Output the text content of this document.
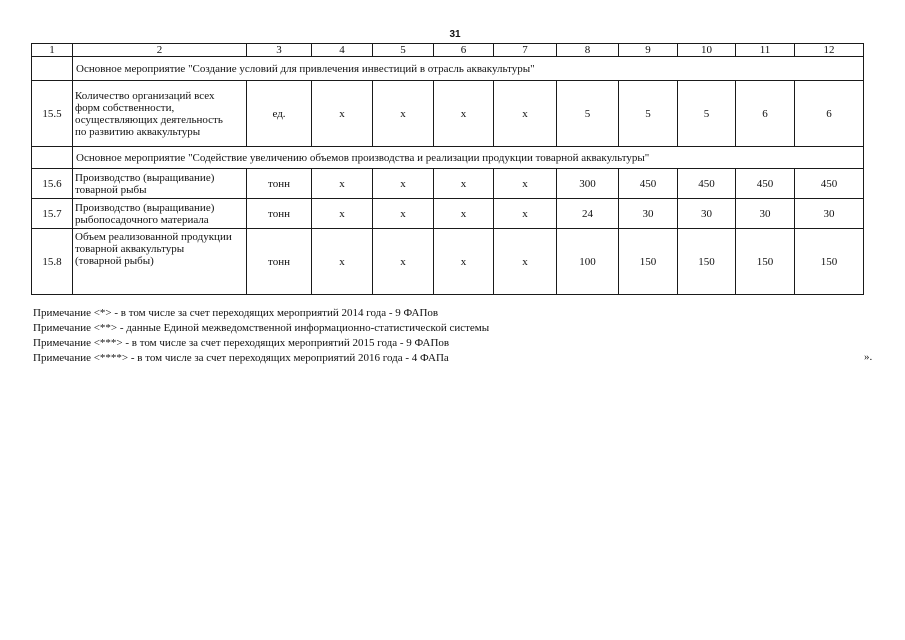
31
1	2	3	4	5	6	7	8	9	10	11	12
	Основное мероприятие "Создание условий для привлечения инвестиций в отрасль аквакультуры"										
15.5	Количество организаций всех
форм собственности,
осуществляющих деятельность
по развитию аквакультуры	ед.	x	x	x	x	5	5	5	6	6
	Основное мероприятие "Содействие увеличению объемов производства и реализации продукции товарной аквакультуры"										
15.6	Производство (выращивание)
товарной рыбы	тонн	x	x	x	x	300	450	450	450	450
15.7	Производство (выращивание)
рыбопосадочного материала	тонн	x	x	x	x	24	30	30	30	30
15.8	Объем реализованной продукции
товарной аквакультуры
(товарной рыбы)	тонн	x	x	x	x	100	150	150	150	150
Примечание <*> - в том числе за счет переходящих мероприятий 2014 года - 9 ФАПов
Примечание <**> - данные Единой межведомственной информационно-статистической системы
Примечание <***> - в том числе за счет переходящих мероприятий 2015 года - 9 ФАПов
Примечание <****> - в том числе за счет переходящих мероприятий 2016 года - 4 ФАПа	».
